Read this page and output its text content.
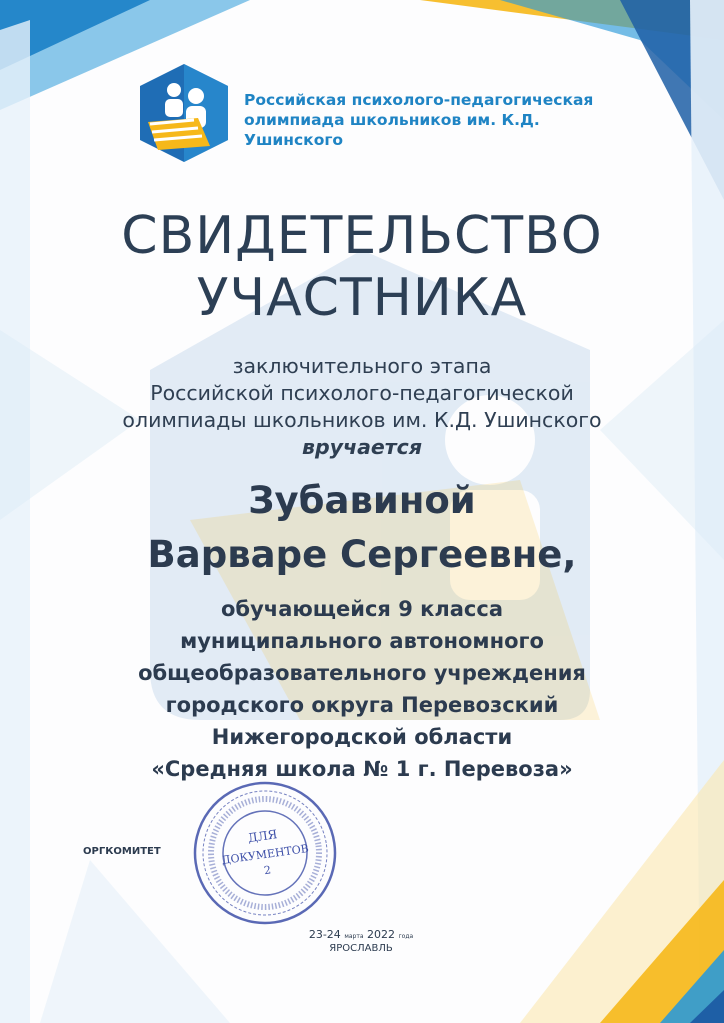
Российская психолого-педагогическая
олимпиада школьников им. К.Д. Ушинского
СВИДЕТЕЛЬСТВО
УЧАСТНИКА
заключительного этапа
Российской психолого-педагогической
олимпиады школьников им. К.Д. Ушинского
вручается
Зубавиной
Варваре Сергеевне,
обучающейся 9 класса
муниципального автономного
общеобразовательного учреждения
городского округа Перевозский
Нижегородской области
«Средняя школа № 1 г. Перевоза»
ОРГКОМИТЕТ
ДЛЯ
ДОКУМЕНТОВ
2
23-24 марта 2022 года
ЯРОСЛАВЛЬ
